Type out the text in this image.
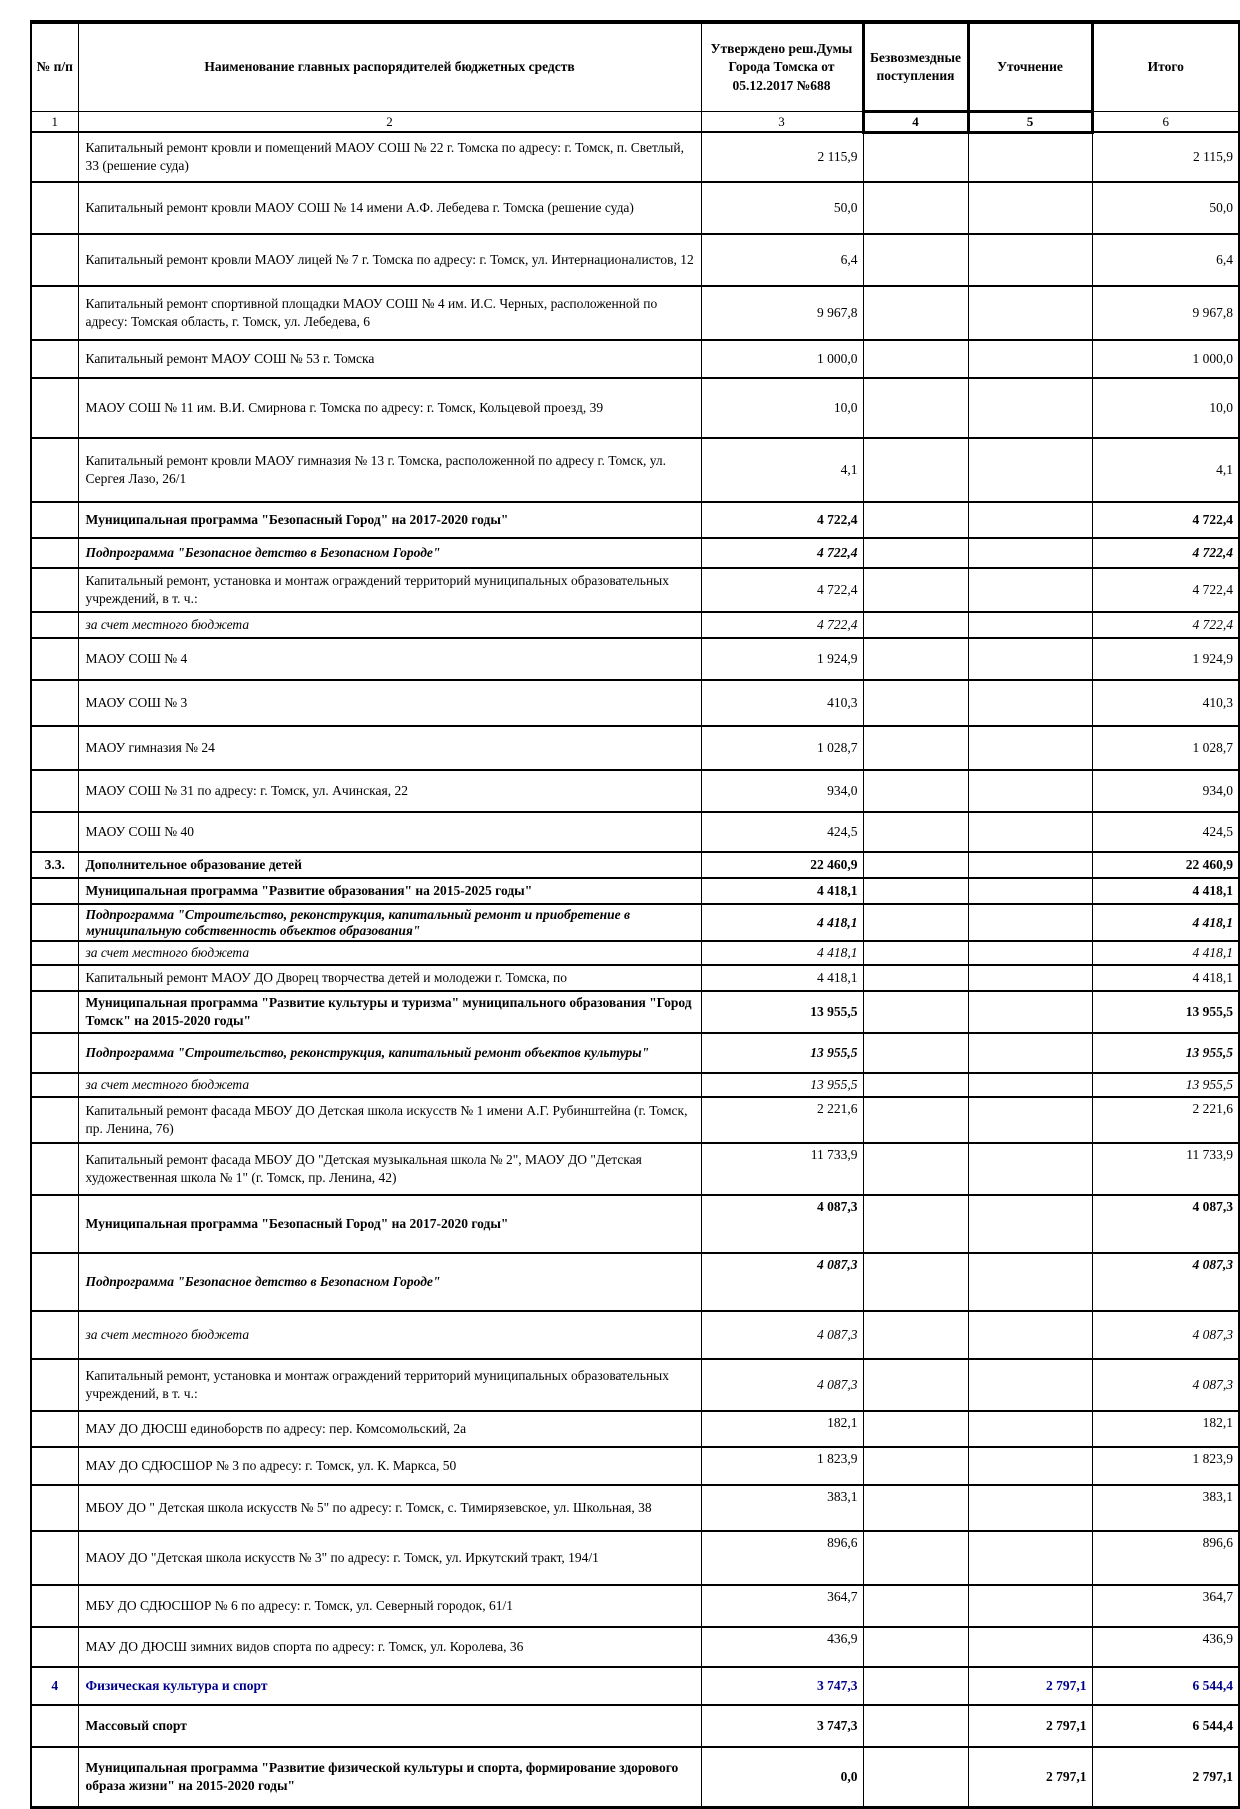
№ п/п	Наименование главных распорядителей бюджетных средств	Утверждено реш.Думы Города Томска от 05.12.2017 №688	Безвозмездные поступления	Уточнение	Итого
1	2	3	4	5	6
	Капитальный ремонт кровли и помещений МАОУ СОШ № 22 г. Томска по адресу: г. Томск, п. Светлый, 33 (решение суда)	2 115,9			2 115,9
	Капитальный ремонт кровли МАОУ СОШ № 14 имени А.Ф. Лебедева г. Томска (решение суда)	50,0			50,0
	Капитальный ремонт кровли МАОУ лицей № 7 г. Томска по адресу: г. Томск, ул. Интернационалистов, 12	6,4			6,4
	Капитальный ремонт спортивной площадки МАОУ СОШ № 4 им. И.С. Черных, расположенной по адресу: Томская область, г. Томск, ул. Лебедева, 6	9 967,8			9 967,8
	Капитальный ремонт МАОУ СОШ № 53 г. Томска	1 000,0			1 000,0
	МАОУ СОШ № 11 им. В.И. Смирнова г. Томска по адресу: г. Томск, Кольцевой проезд, 39	10,0			10,0
	Капитальный ремонт кровли МАОУ гимназия № 13 г. Томска, расположенной по адресу г. Томск, ул. Сергея Лазо, 26/1	4,1			4,1
	Муниципальная программа "Безопасный Город" на 2017-2020 годы"	4 722,4			4 722,4
	Подпрограмма "Безопасное детство в Безопасном Городе"	4 722,4			4 722,4
	Капитальный ремонт, установка и монтаж ограждений территорий муниципальных образовательных учреждений, в т. ч.:	4 722,4			4 722,4
	за счет местного бюджета	4 722,4			4 722,4
	МАОУ СОШ № 4	1 924,9			1 924,9
	МАОУ СОШ № 3	410,3			410,3
	МАОУ гимназия № 24	1 028,7			1 028,7
	МАОУ СОШ № 31 по адресу: г. Томск, ул. Ачинская, 22	934,0			934,0
	МАОУ СОШ № 40	424,5			424,5
3.3.	Дополнительное образование детей	22 460,9			22 460,9
	Муниципальная программа "Развитие образования" на 2015-2025 годы"	4 418,1			4 418,1

	Подпрограмма "Строительство, реконструкция, капитальный ремонт и приобретение в муниципальную собственность объектов образования"	4 418,1			4 418,1
	за счет местного бюджета	4 418,1			4 418,1
	Капитальный ремонт МАОУ ДО Дворец творчества детей и молодежи г. Томска, по	4 418,1			4 418,1
	Муниципальная программа "Развитие культуры и туризма" муниципального образования "Город Томск" на 2015-2020 годы"	13 955,5			13 955,5
	Подпрограмма "Строительство, реконструкция, капитальный ремонт объектов культуры"	13 955,5			13 955,5
	за счет местного бюджета	13 955,5			13 955,5
	Капитальный ремонт фасада МБОУ ДО Детская школа искусств № 1 имени А.Г. Рубинштейна (г. Томск, пр. Ленина, 76)	2 221,6			2 221,6
	Капитальный ремонт фасада МБОУ ДО "Детская музыкальная школа № 2", МАОУ ДО "Детская художественная школа № 1" (г. Томск, пр. Ленина, 42)	11 733,9			11 733,9
	Муниципальная программа "Безопасный Город" на 2017-2020 годы"	4 087,3			4 087,3
	Подпрограмма "Безопасное детство в Безопасном Городе"	4 087,3			4 087,3
	за счет местного бюджета	4 087,3			4 087,3
	Капитальный ремонт, установка и монтаж ограждений территорий муниципальных образовательных учреждений, в т. ч.:	4 087,3			4 087,3
	МАУ ДО ДЮСШ единоборств по адресу: пер. Комсомольский, 2а	182,1			182,1
	МАУ ДО СДЮСШОР № 3 по адресу: г. Томск, ул. К. Маркса, 50	1 823,9			1 823,9
	МБОУ ДО " Детская школа искусств № 5" по адресу: г. Томск, с. Тимирязевское, ул. Школьная, 38	383,1			383,1
	МАОУ ДО "Детская школа искусств № 3" по адресу: г. Томск, ул. Иркутский тракт, 194/1	896,6			896,6
	МБУ ДО СДЮСШОР № 6 по адресу: г. Томск, ул. Северный городок, 61/1	364,7			364,7
	МАУ ДО ДЮСШ зимних видов спорта по адресу: г. Томск, ул. Королева, 36	436,9			436,9
4	Физическая культура и спорт	3 747,3		2 797,1	6 544,4
	Массовый спорт	3 747,3		2 797,1	6 544,4
	Муниципальная программа "Развитие физической культуры и спорта, формирование здорового образа жизни" на 2015-2020 годы"	0,0		2 797,1	2 797,1
